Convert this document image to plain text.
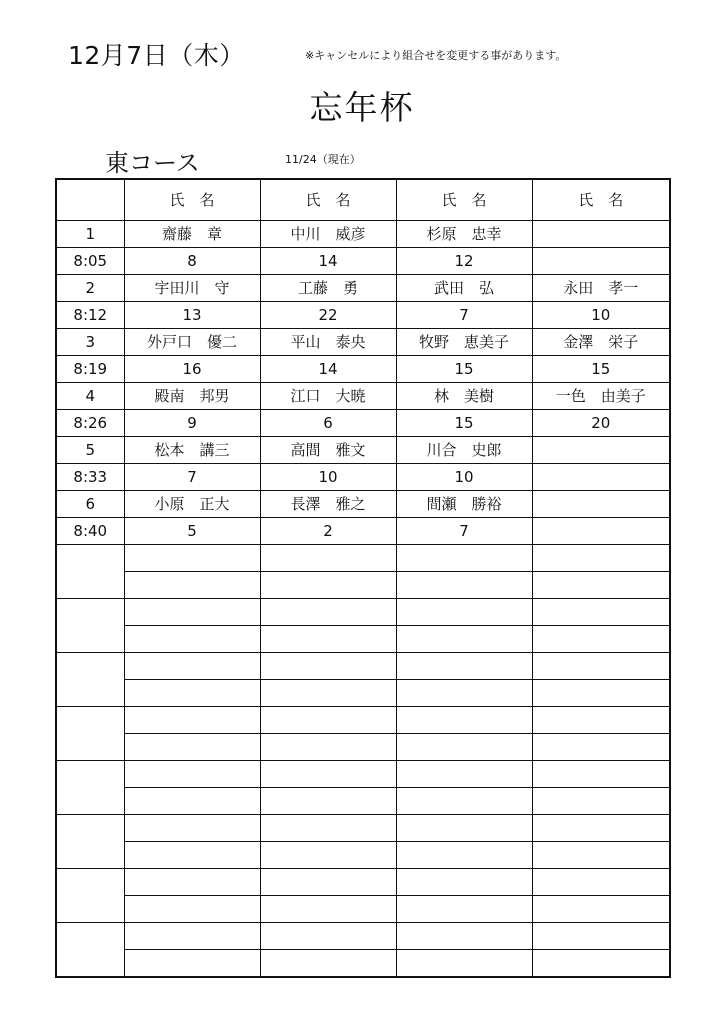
12月7日（木）	※キャンセルにより組合せを変更する事があります。
忘年杯
東コース	11/24（現在）
	氏　名	氏　名	氏　名	氏　名
1	齋藤　章	中川　威彦	杉原　忠幸	
8:05	8	14	12	
2	宇田川　守	工藤　勇	武田　弘	永田　孝一
8:12	13	22	7	10
3	外戸口　優二	平山　泰央	牧野　恵美子	金澤　栄子
8:19	16	14	15	15
4	殿南　邦男	江口　大暁	林　美樹	一色　由美子
8:26	9	6	15	20
5	松本　講三	高間　雅文	川合　史郎	
8:33	7	10	10	
6	小原　正大	長澤　雅之	間瀬　勝裕	
8:40	5	2	7	
